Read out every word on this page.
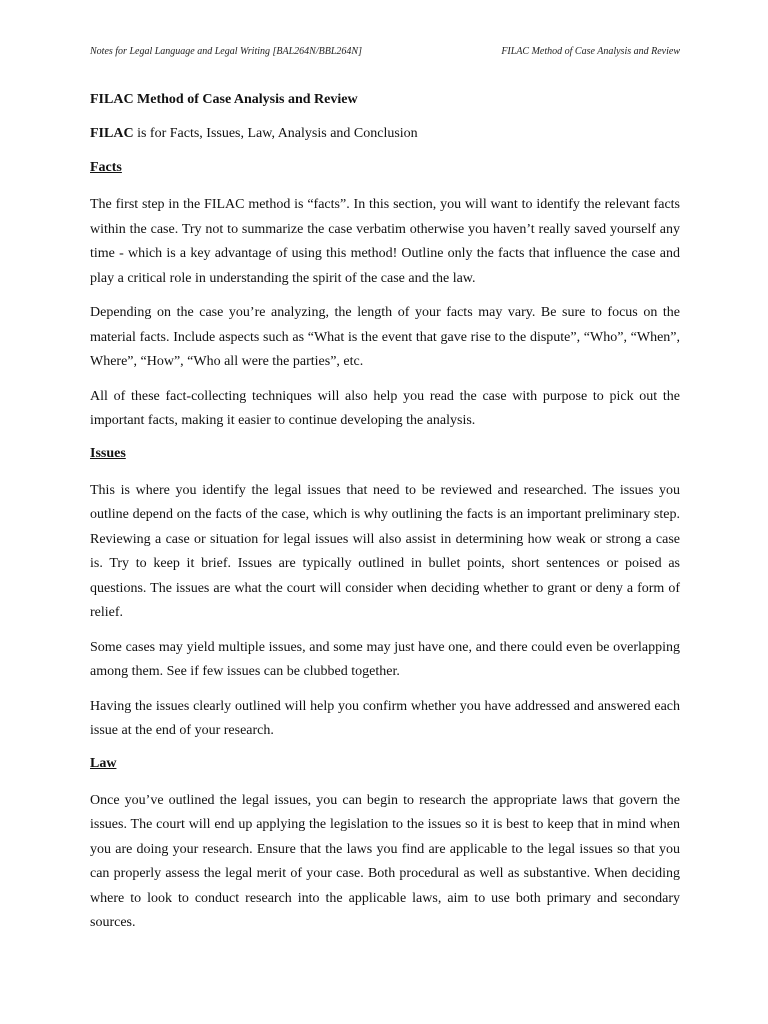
Notes for Legal Language and Legal Writing [BAL264N/BBL264N]	FILAC Method of Case Analysis and Review
FILAC Method of Case Analysis and Review
FILAC is for Facts, Issues, Law, Analysis and Conclusion
Facts

The first step in the FILAC method is “facts”. In this section, you will want to identify the relevant facts within the case. Try not to summarize the case verbatim otherwise you haven’t really saved yourself any time - which is a key advantage of using this method! Outline only the facts that influence the case and play a critical role in understanding the spirit of the case and the law.

Depending on the case you’re analyzing, the length of your facts may vary. Be sure to focus on the material facts. Include aspects such as “What is the event that gave rise to the dispute”, “Who”, “When”, Where”, “How”, “Who all were the parties”, etc.

All of these fact-collecting techniques will also help you read the case with purpose to pick out the important facts, making it easier to continue developing the analysis.

Issues

This is where you identify the legal issues that need to be reviewed and researched. The issues you outline depend on the facts of the case, which is why outlining the facts is an important preliminary step. Reviewing a case or situation for legal issues will also assist in determining how weak or strong a case is. Try to keep it brief. Issues are typically outlined in bullet points, short sentences or poised as questions. The issues are what the court will consider when deciding whether to grant or deny a form of relief.

Some cases may yield multiple issues, and some may just have one, and there could even be overlapping among them. See if few issues can be clubbed together.

Having the issues clearly outlined will help you confirm whether you have addressed and answered each issue at the end of your research.

Law

Once you’ve outlined the legal issues, you can begin to research the appropriate laws that govern the issues. The court will end up applying the legislation to the issues so it is best to keep that in mind when you are doing your research. Ensure that the laws you find are applicable to the legal issues so that you can properly assess the legal merit of your case. Both procedural as well as substantive. When deciding where to look to conduct research into the applicable laws, aim to use both primary and secondary sources.
